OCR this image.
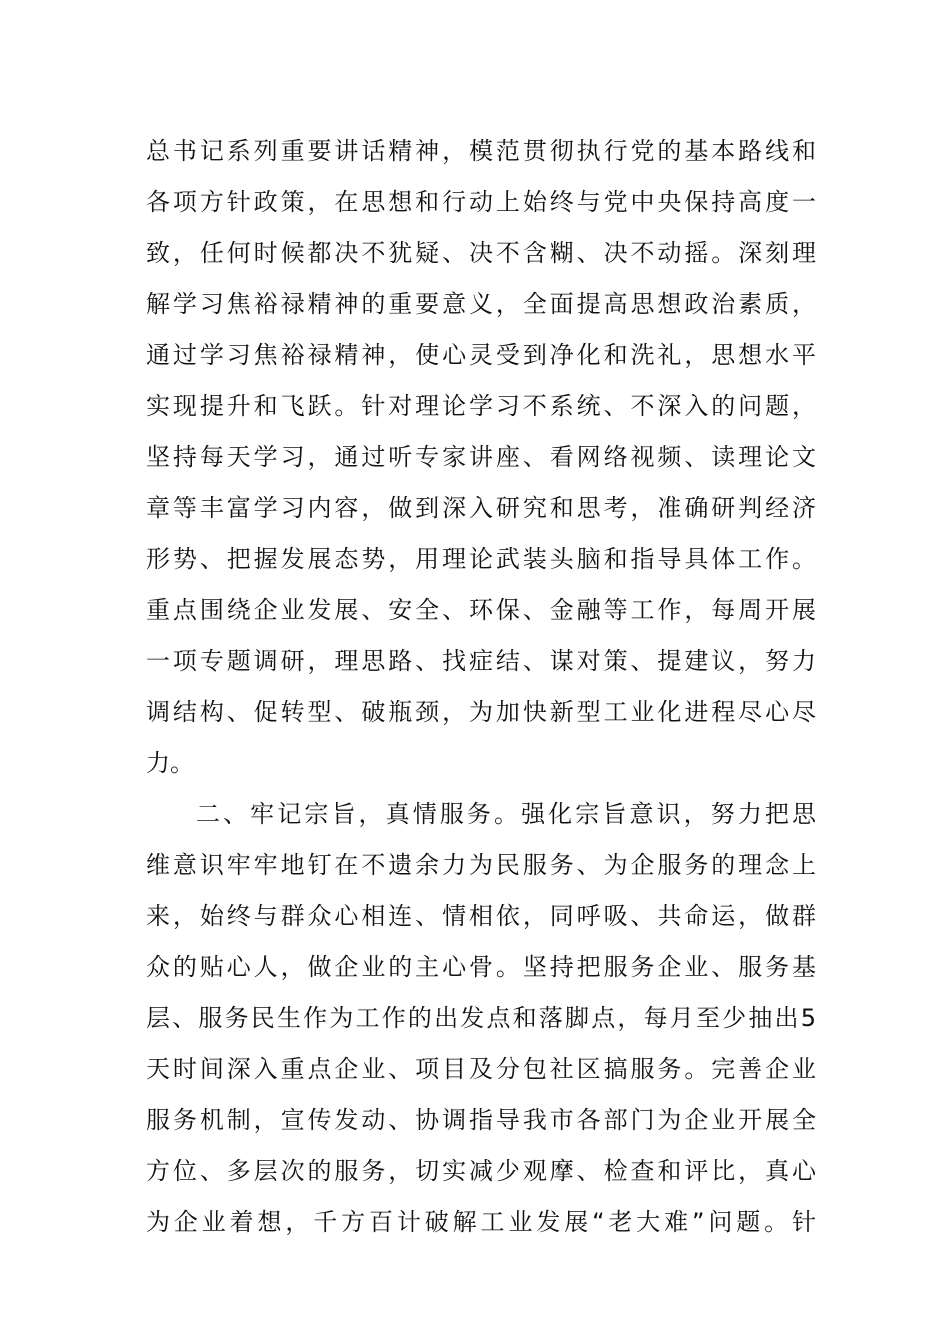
总书记系列重要讲话精神，模范贯彻执行党的基本路线和
各项方针政策，在思想和行动上始终与党中央保持高度一
致，任何时候都决不犹疑、决不含糊、决不动摇。深刻理
解学习焦裕禄精神的重要意义，全面提高思想政治素质，
通过学习焦裕禄精神，使心灵受到净化和洗礼，思想水平
实现提升和飞跃。针对理论学习不系统、不深入的问题，
坚持每天学习，通过听专家讲座、看网络视频、读理论文
章等丰富学习内容，做到深入研究和思考，准确研判经济
形势、把握发展态势，用理论武装头脑和指导具体工作。
重点围绕企业发展、安全、环保、金融等工作，每周开展
一项专题调研，理思路、找症结、谋对策、提建议，努力
调结构、促转型、破瓶颈，为加快新型工业化进程尽心尽
力。
二、牢记宗旨，真情服务。强化宗旨意识，努力把思
维意识牢牢地钉在不遗余力为民服务、为企服务的理念上
来，始终与群众心相连、情相依，同呼吸、共命运，做群
众的贴心人，做企业的主心骨。坚持把服务企业、服务基
层、服务民生作为工作的出发点和落脚点，每月至少抽出5
天时间深入重点企业、项目及分包社区搞服务。完善企业
服务机制，宣传发动、协调指导我市各部门为企业开展全
方位、多层次的服务，切实减少观摩、检查和评比，真心
为企业着想，千方百计破解工业发展“老大难”问题。针
